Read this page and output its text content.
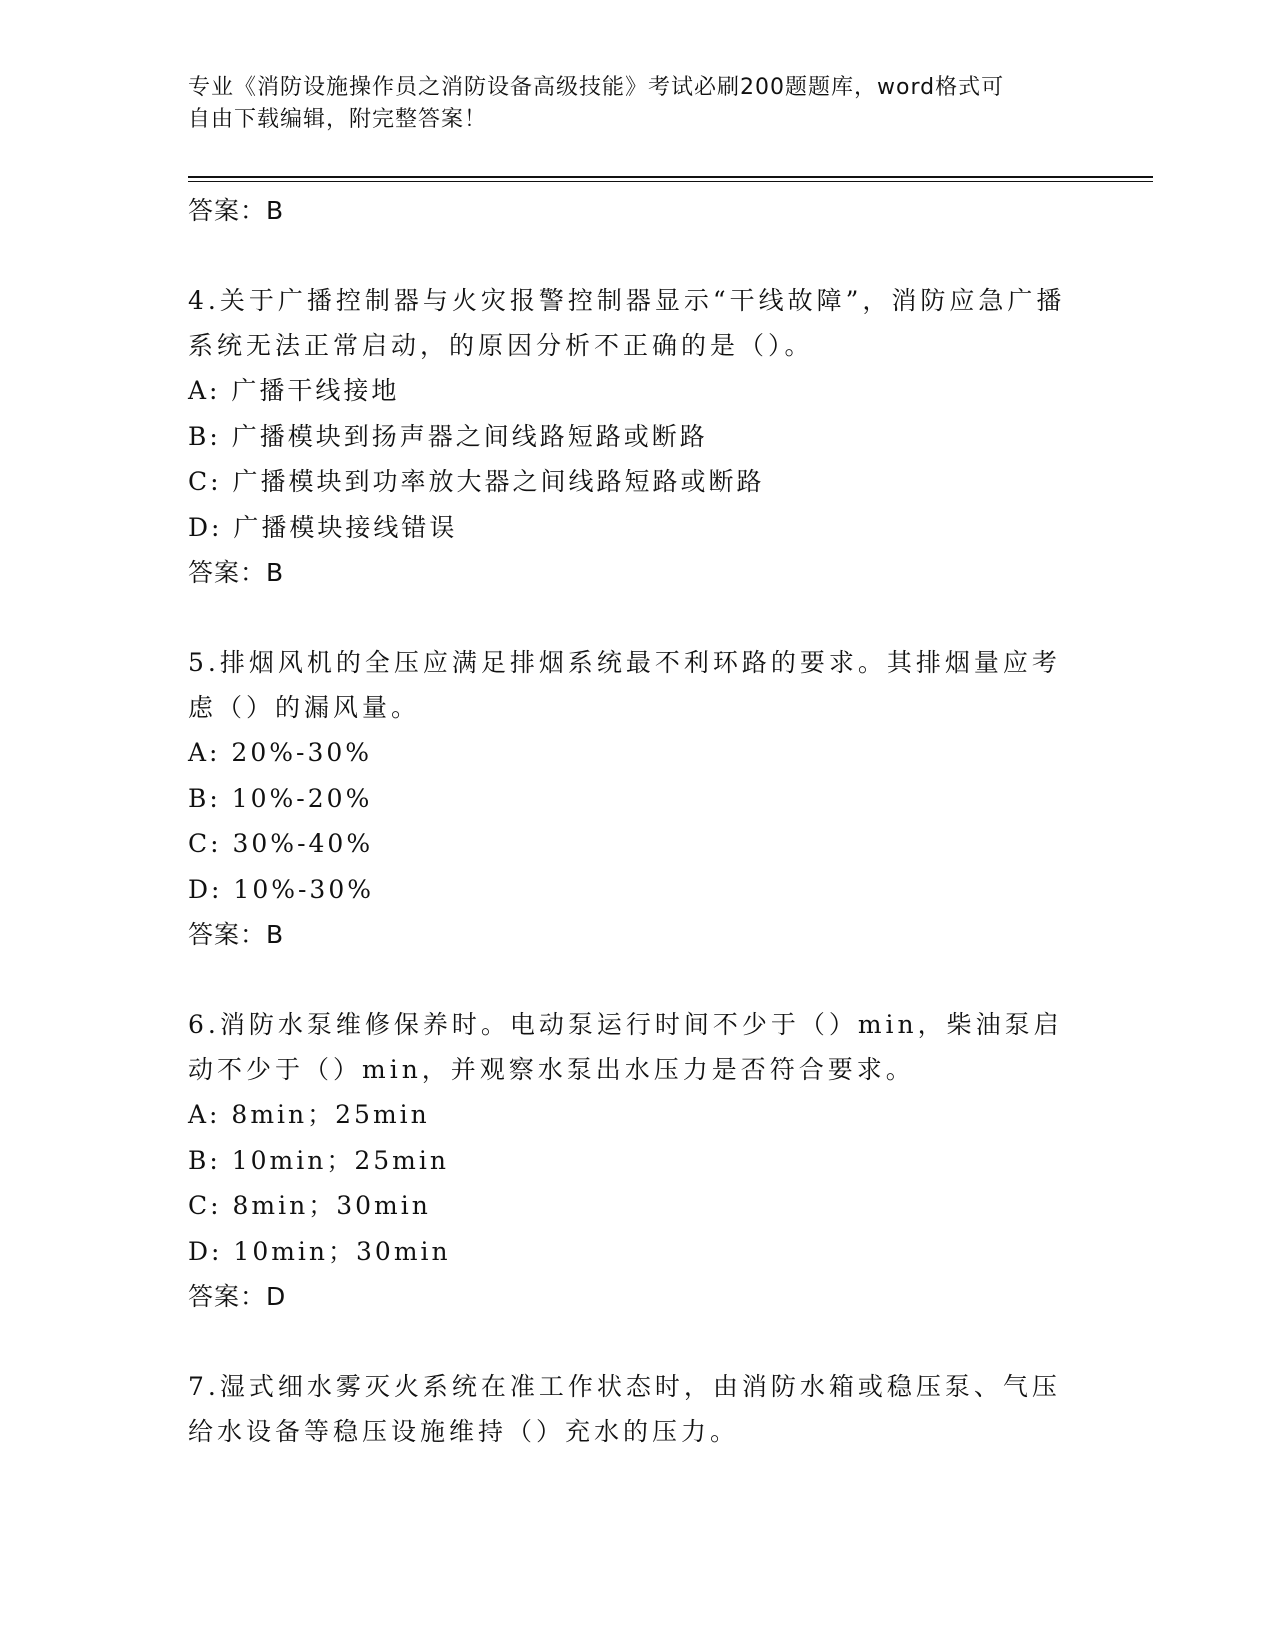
专业《消防设施操作员之消防设备高级技能》考试必刷200题题库，word格式可
自由下载编辑，附完整答案！
答案：B
4.关于广播控制器与火灾报警控制器显示“干线故障”，消防应急广播系统无法正常启动，的原因分析不正确的是（）。
A: 广播干线接地
B: 广播模块到扬声器之间线路短路或断路
C: 广播模块到功率放大器之间线路短路或断路
D: 广播模块接线错误
答案：B
5.排烟风机的全压应满足排烟系统最不利环路的要求。其排烟量应考虑（）的漏风量。
A: 20%-30%
B: 10%-20%
C: 30%-40%
D: 10%-30%
答案：B
6.消防水泵维修保养时。电动泵运行时间不少于（）min，柴油泵启动不少于（）min，并观察水泵出水压力是否符合要求。
A: 8min；25min
B: 10min；25min
C: 8min；30min
D: 10min；30min
答案：D
7.湿式细水雾灭火系统在准工作状态时，由消防水箱或稳压泵、气压给水设备等稳压设施维持（）充水的压力。
